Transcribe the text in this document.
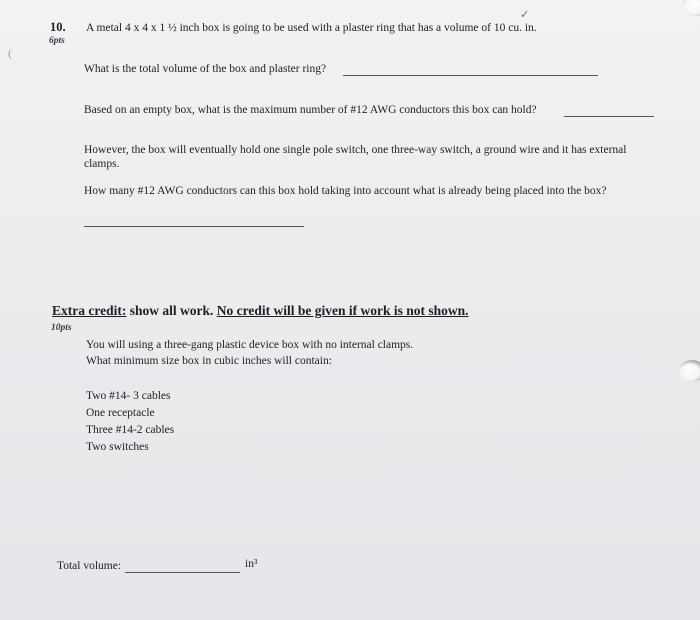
(
10.
6pts
✓
A metal 4 x 4 x 1 ½ inch box is going to be used with a plaster ring that has a volume of 10 cu. in.
What is the total volume of the box and plaster ring?
Based on an empty box, what is the maximum number of #12 AWG conductors this box can hold?
However, the box will eventually hold one single pole switch, one three-way switch, a ground wire and it has external
clamps.
How many #12 AWG conductors can this box hold taking into account what is already being placed into the box?
Extra credit: show all work. No credit will be given if work is not shown.
10pts
You will using a three-gang plastic device box with no internal clamps.
What minimum size box in cubic inches will contain:
Two #14- 3 cables
One receptacle
Three #14-2 cables
Two switches
Total volume:	in³
